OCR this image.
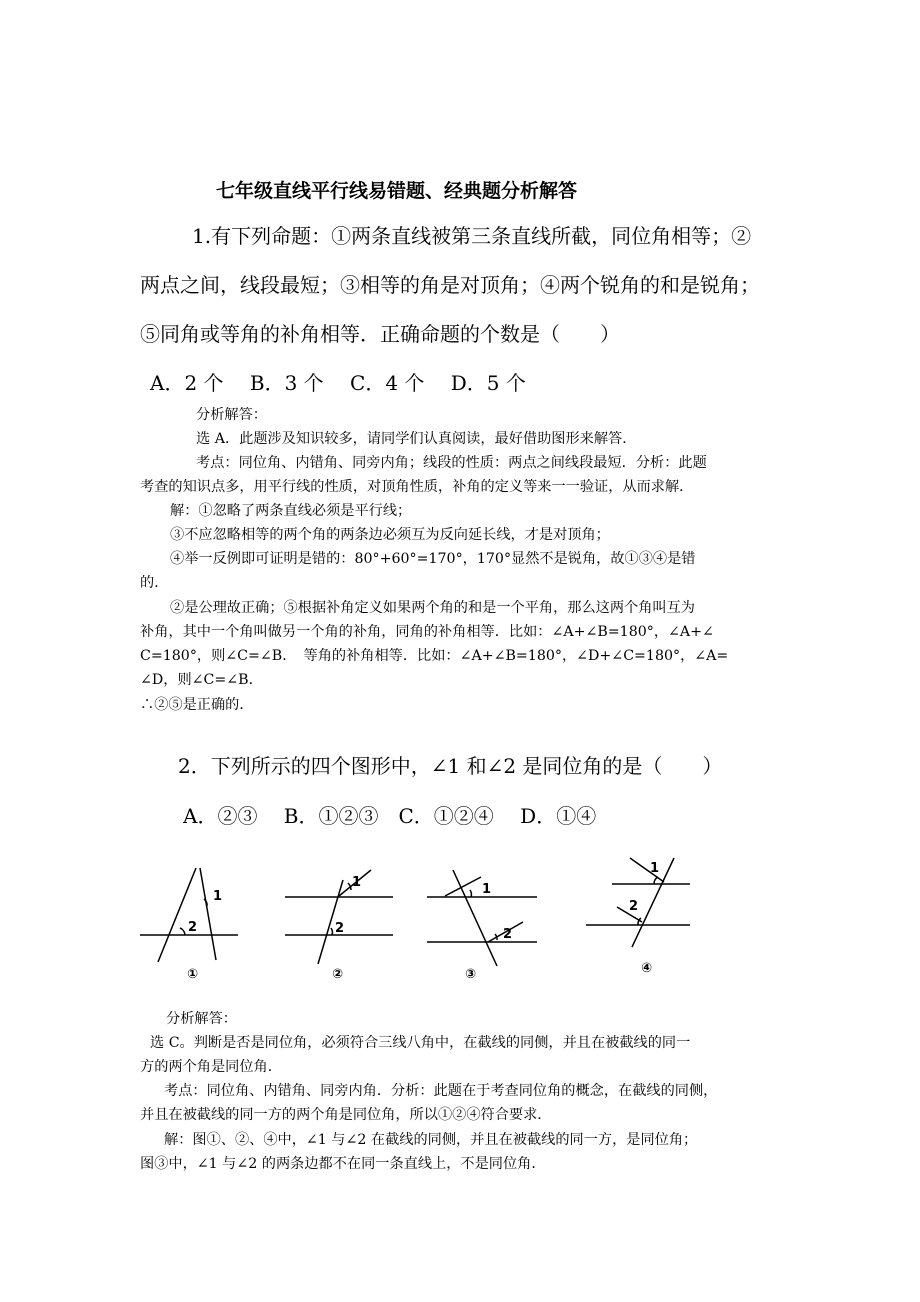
七年级直线平行线易错题、经典题分析解答
1.有下列命题：①两条直线被第三条直线所截，同位角相等；②
两点之间，线段最短；③相等的角是对顶角；④两个锐角的和是锐角；
⑤同角或等角的补角相等．正确命题的个数是（　　）
A．2 个　 B．3 个　 C．4 个　 D．5 个
分析解答：
选 A．此题涉及知识较多，请同学们认真阅读，最好借助图形来解答．
考点：同位角、内错角、同旁内角；线段的性质：两点之间线段最短．分析：此题
考查的知识点多，用平行线的性质，对顶角性质，补角的定义等来一一验证，从而求解．
解：①忽略了两条直线必须是平行线；
③不应忽略相等的两个角的两条边必须互为反向延长线，才是对顶角；
④举一反例即可证明是错的：80°+60°=170°，170°显然不是锐角，故①③④是错
的．
②是公理故正确；⑤根据补角定义如果两个角的和是一个平角，那么这两个角叫互为
补角，其中一个角叫做另一个角的补角，同角的补角相等．比如：∠A+∠B=180°，∠A+∠
C=180°，则∠C=∠B．　等角的补角相等．比如：∠A+∠B=180°，∠D+∠C=180°，∠A=
∠D，则∠C=∠B．
∴②⑤是正确的．
2．下列所示的四个图形中，∠1 和∠2 是同位角的是（　　）
A．②③　 B．①②③　C．①②④　 D．①④
1
2
①
1
2
②
1
2
③
1
2
④
分析解答：
选 C。判断是否是同位角，必须符合三线八角中，在截线的同侧，并且在被截线的同一
方的两个角是同位角．
考点：同位角、内错角、同旁内角．分析：此题在于考查同位角的概念，在截线的同侧，
并且在被截线的同一方的两个角是同位角，所以①②④符合要求．
解：图①、②、④中，∠1 与∠2 在截线的同侧，并且在被截线的同一方，是同位角；
图③中，∠1 与∠2 的两条边都不在同一条直线上，不是同位角．
